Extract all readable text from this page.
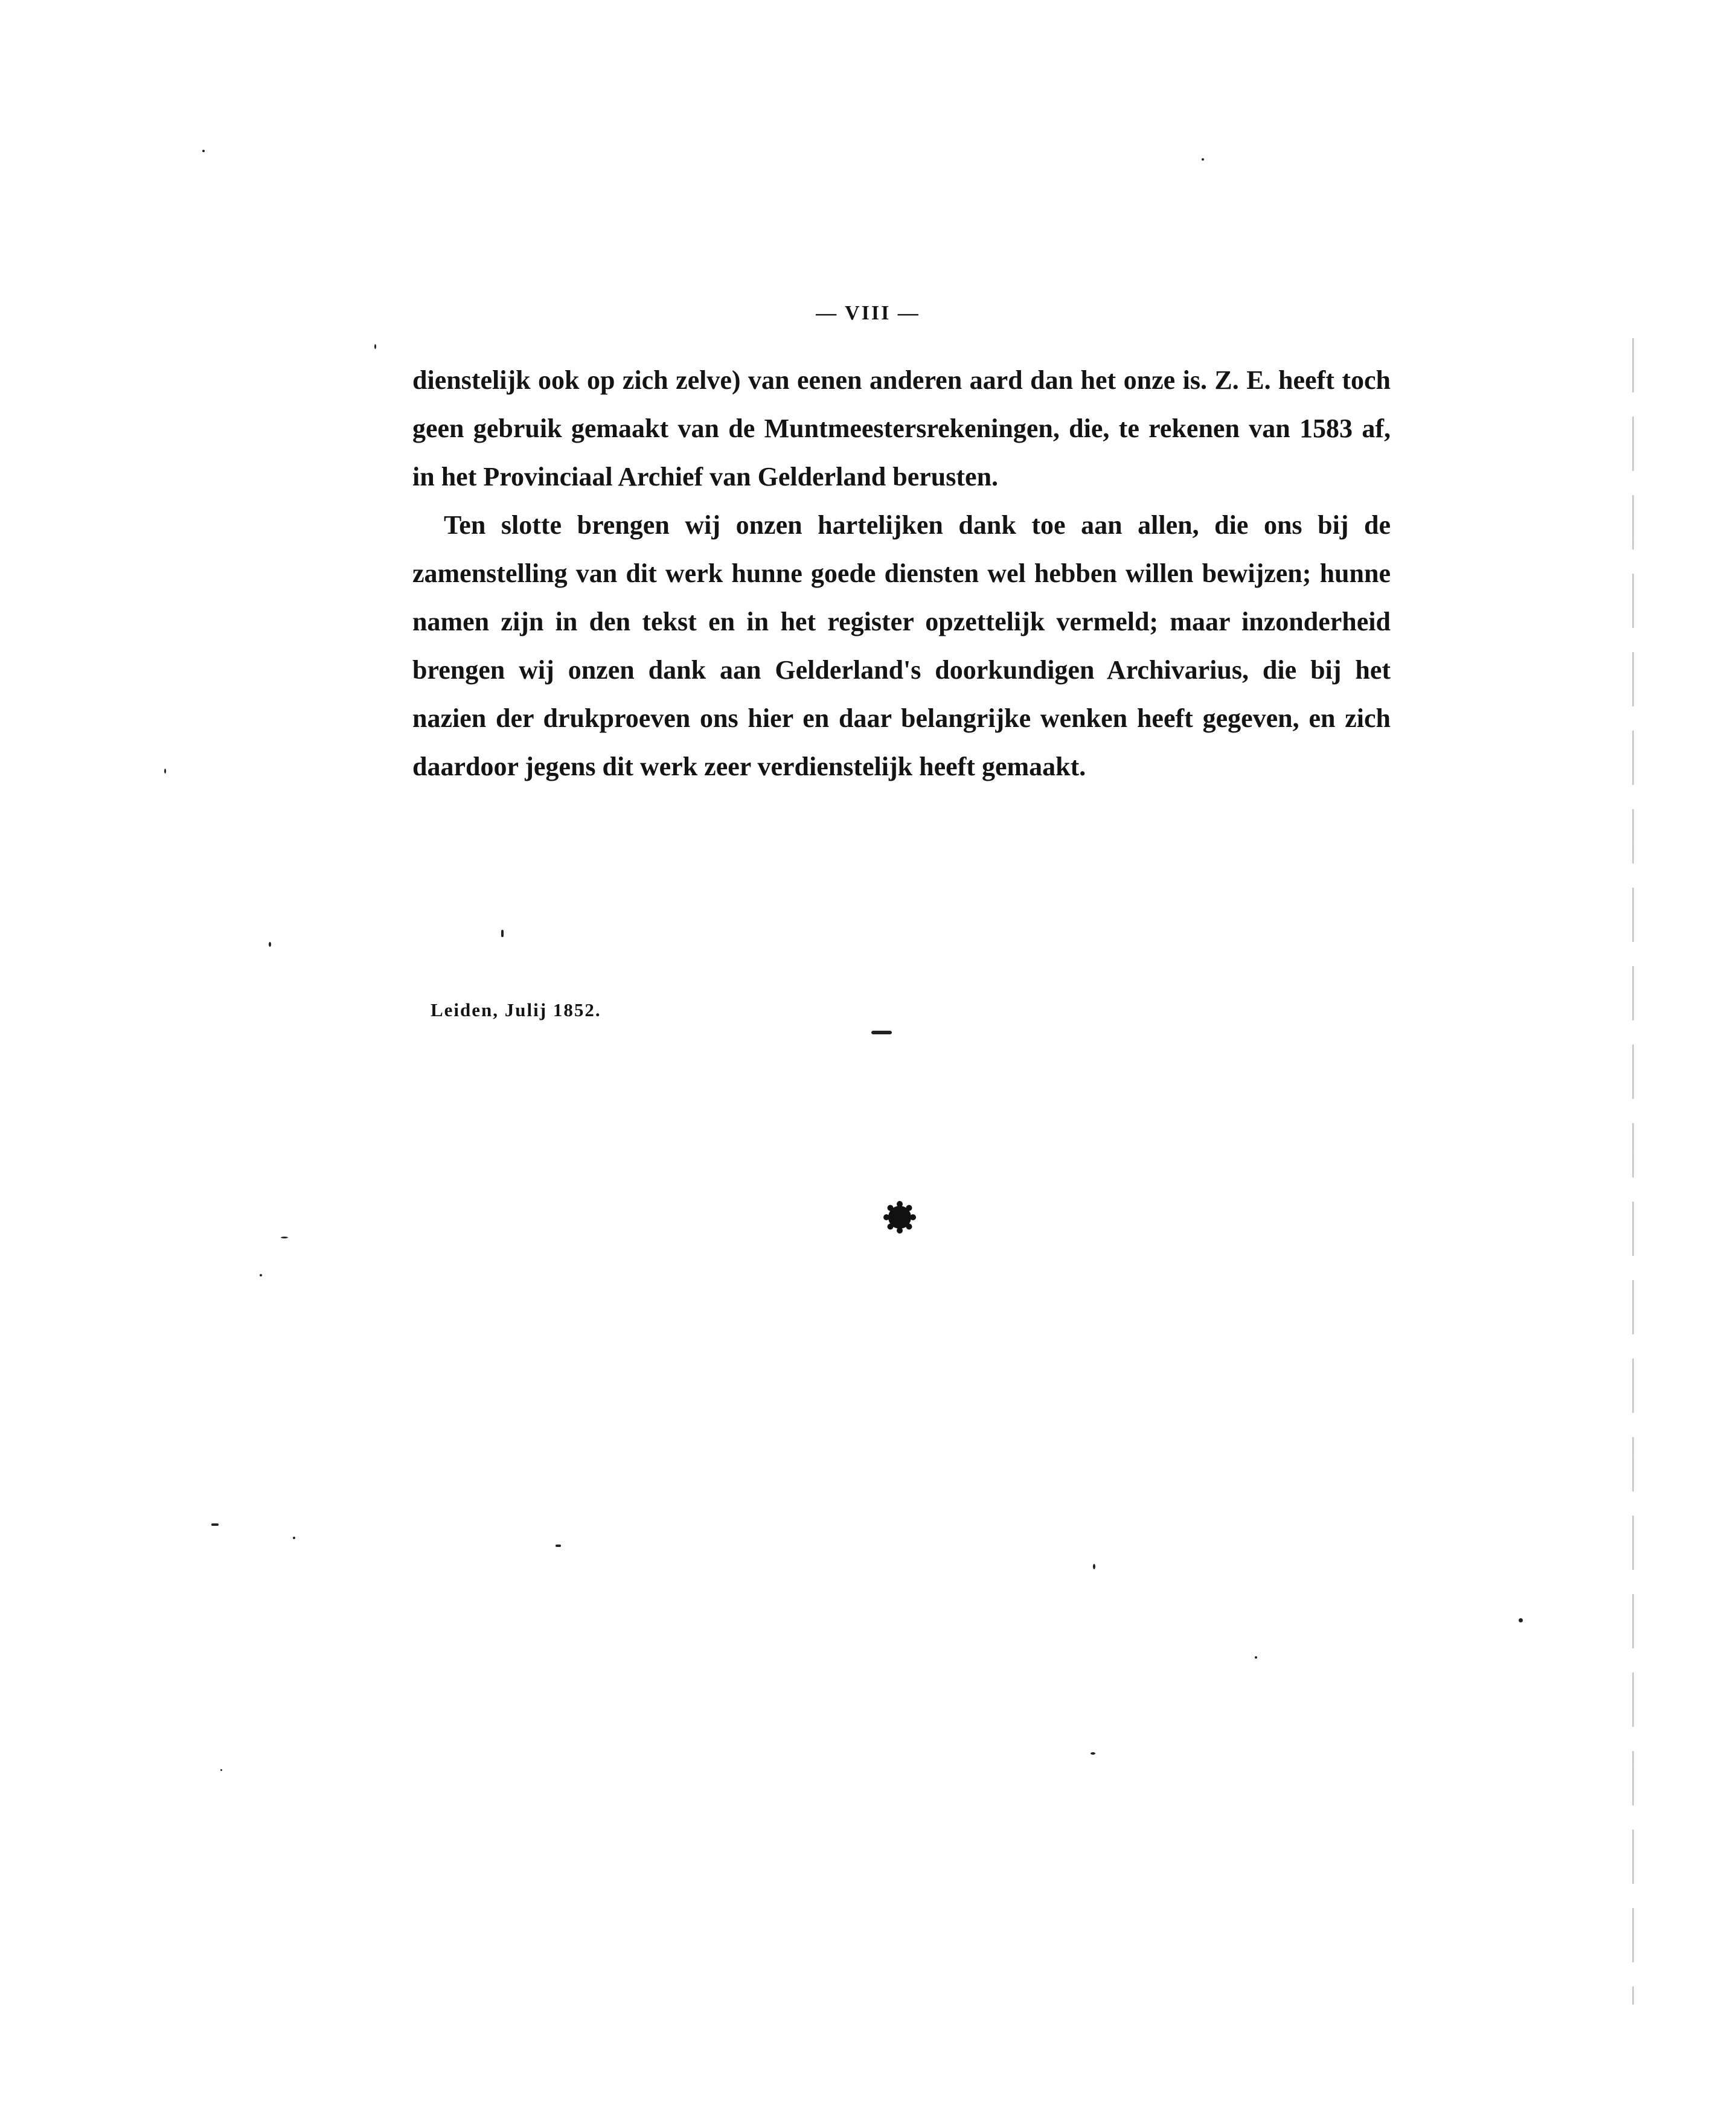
— VIII —

dienstelijk ook op zich zelve) van eenen anderen aard dan het onze is. Z. E. heeft toch geen gebruik gemaakt van de Muntmeestersrekeningen, die, te rekenen van 1583 af, in het Provinciaal Archief van Gelderland berusten.

Ten slotte brengen wij onzen hartelijken dank toe aan allen, die ons bij de zamenstelling van dit werk hunne goede diensten wel hebben willen bewijzen; hunne namen zijn in den tekst en in het register opzettelijk vermeld; maar inzonderheid brengen wij onzen dank aan Gelderland's doorkundigen Archivarius, die bij het nazien der drukproeven ons hier en daar belangrijke wenken heeft gegeven, en zich daardoor jegens dit werk zeer verdienstelijk heeft gemaakt.

Leiden, Julij 1852.
